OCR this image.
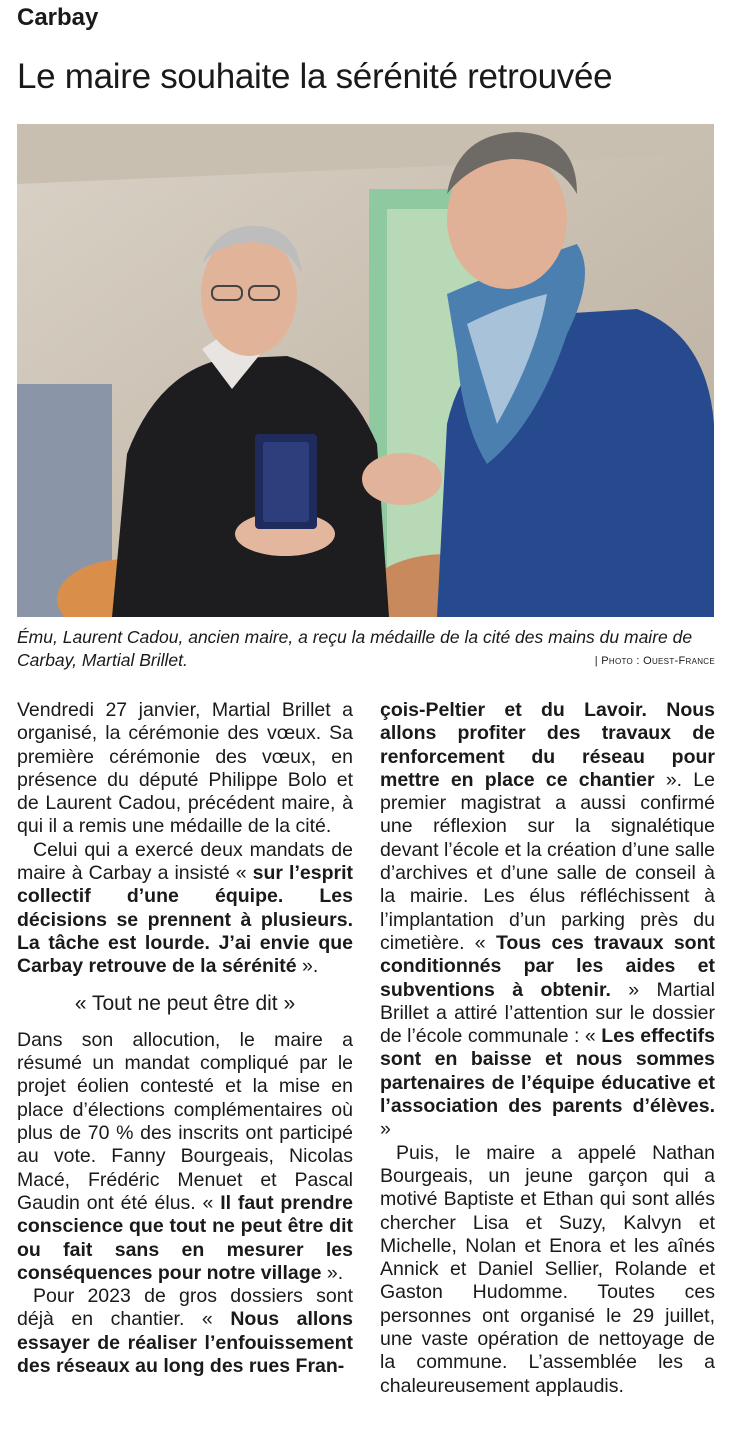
Carbay
Le maire souhaite la sérénité retrouvée
Ému, Laurent Cadou, ancien maire, a reçu la médaille de la cité des mains du maire de Carbay, Martial Brillet.	| Photo : Ouest-France

Vendredi 27 janvier, Martial Brillet a organisé, la cérémonie des vœux. Sa première cérémonie des vœux, en présence du député Philippe Bolo et de Laurent Cadou, précédent maire, à qui il a remis une médaille de la cité.

Celui qui a exercé deux mandats de maire à Carbay a insisté « sur l’esprit collectif d’une équipe. Les décisions se prennent à plusieurs. La tâche est lourde. J’ai envie que Carbay retrouve de la sérénité ».

« Tout ne peut être dit »

Dans son allocution, le maire a résumé un mandat compliqué par le projet éolien contesté et la mise en place d’élections complémentaires où plus de 70 % des inscrits ont participé au vote. Fanny Bourgeais, Nicolas Macé, Frédéric Menuet et Pascal Gaudin ont été élus. « Il faut prendre conscience que tout ne peut être dit ou fait sans en mesurer les conséquences pour notre village ».

Pour 2023 de gros dossiers sont déjà en chantier. « Nous allons essayer de réaliser l’enfouissement des réseaux au long des rues Fran-

çois-Peltier et du Lavoir. Nous allons profiter des travaux de renforcement du réseau pour mettre en place ce chantier ». Le premier magistrat a aussi confirmé une réflexion sur la signalétique devant l’école et la création d’une salle d’archives et d’une salle de conseil à la mairie. Les élus réfléchissent à l’implantation d’un parking près du cimetière. « Tous ces travaux sont conditionnés par les aides et subventions à obtenir. » Martial Brillet a attiré l’attention sur le dossier de l’école communale : « Les effectifs sont en baisse et nous sommes partenaires de l’équipe éducative et l’association des parents d’élèves. »

Puis, le maire a appelé Nathan Bourgeais, un jeune garçon qui a motivé Baptiste et Ethan qui sont allés chercher Lisa et Suzy, Kalvyn et Michelle, Nolan et Enora et les aînés Annick et Daniel Sellier, Rolande et Gaston Hudomme. Toutes ces personnes ont organisé le 29 juillet, une vaste opération de nettoyage de la commune. L’assemblée les a chaleureusement applaudis.
